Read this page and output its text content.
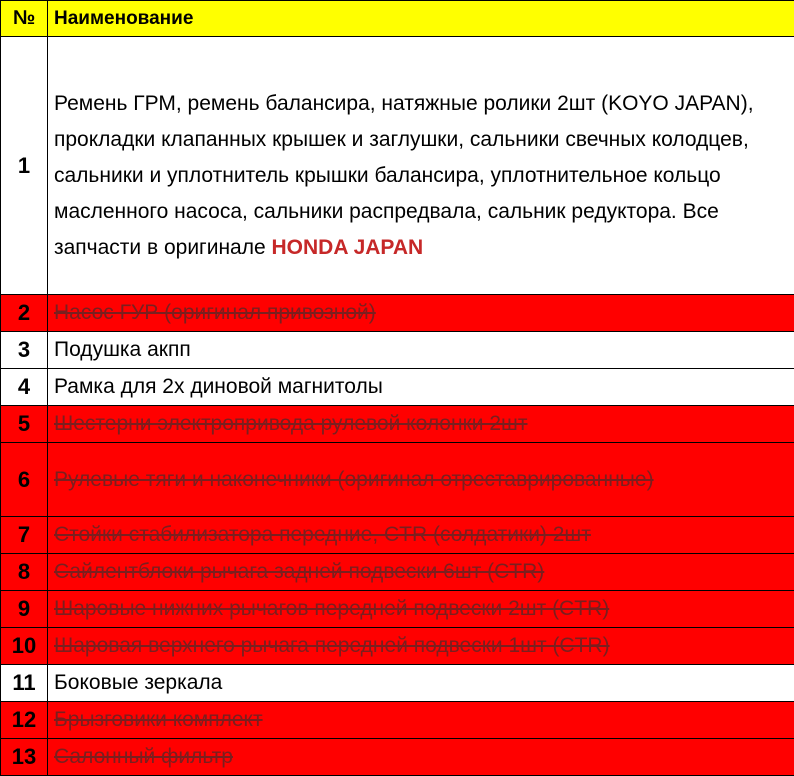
№	Наименование
1	Ремень ГРМ, ремень балансира, натяжные ролики 2шт (KOYO JAPAN), прокладки клапанных крышек и заглушки, сальники свечных колодцев, сальники и уплотнитель крышки балансира, уплотнительное кольцо масленного насоса, сальники распредвала, сальник редуктора. Все запчасти в оригинале HONDA JAPAN
2	Насос ГУР (оригинал привозной)
3	Подушка акпп
4	Рамка для 2х диновой магнитолы
5	Шестерни электропривода рулевой колонки 2шт
6	Рулевые тяги и наконечники (оригинал отреставрированные)
7	Стойки стабилизатора передние, CTR (солдатики) 2шт
8	Сайлентблоки рычага задней подвески 6шт (CTR)
9	Шаровые нижних рычагов передней подвески 2шт (CTR)
10	Шаровая верхнего рычага передней подвески 1шт (CTR)
11	Боковые зеркала
12	Брызговики комплект
13	Салонный фильтр
